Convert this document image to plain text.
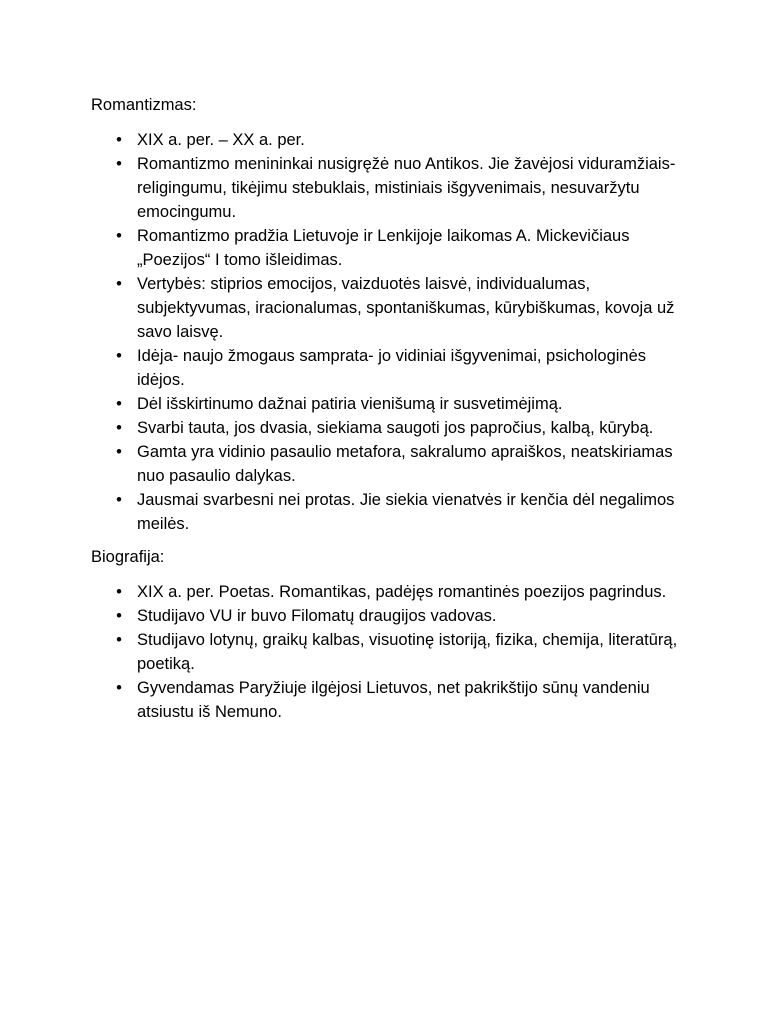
Romantizmas:

• XIX a. per. – XX a. per.
• Romantizmo menininkai nusigręžė nuo Antikos. Jie žavėjosi viduramžiais- religingumu, tikėjimu stebuklais, mistiniais išgyvenimais, nesuvaržytu emocingumu.
• Romantizmo pradžia Lietuvoje ir Lenkijoje laikomas A. Mickevičiaus „Poezijos“ I tomo išleidimas.
• Vertybės: stiprios emocijos, vaizduotės laisvė, individualumas, subjektyvumas, iracionalumas, spontaniškumas, kūrybiškumas, kovoja už savo laisvę.
• Idėja- naujo žmogaus samprata- jo vidiniai išgyvenimai, psichologinės idėjos.
• Dėl išskirtinumo dažnai patiria vienišumą ir susvetimėjimą.
• Svarbi tauta, jos dvasia, siekiama saugoti jos papročius, kalbą, kūrybą.
• Gamta yra vidinio pasaulio metafora, sakralumo apraiškos, neatskiriamas nuo pasaulio dalykas.
• Jausmai svarbesni nei protas. Jie siekia vienatvės ir kenčia dėl negalimos meilės.

Biografija:

• XIX a. per. Poetas. Romantikas, padėjęs romantinės poezijos pagrindus.
• Studijavo VU ir buvo Filomatų draugijos vadovas.
• Studijavo lotynų, graikų kalbas, visuotinę istoriją, fizika, chemija, literatūrą, poetiką.
• Gyvendamas Paryžiuje ilgėjosi Lietuvos, net pakrikštijo sūnų vandeniu atsiustu iš Nemuno.
